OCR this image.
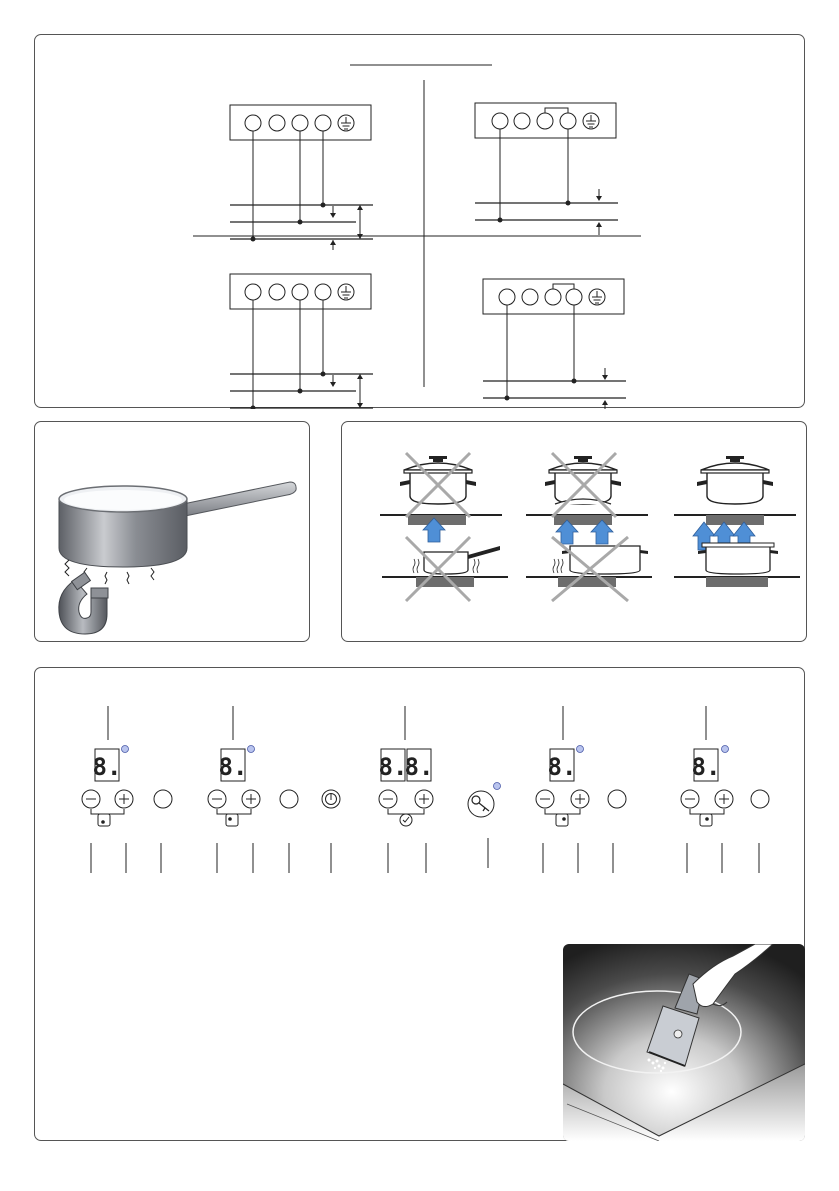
8.	8.	8.
8.	8.	8.
